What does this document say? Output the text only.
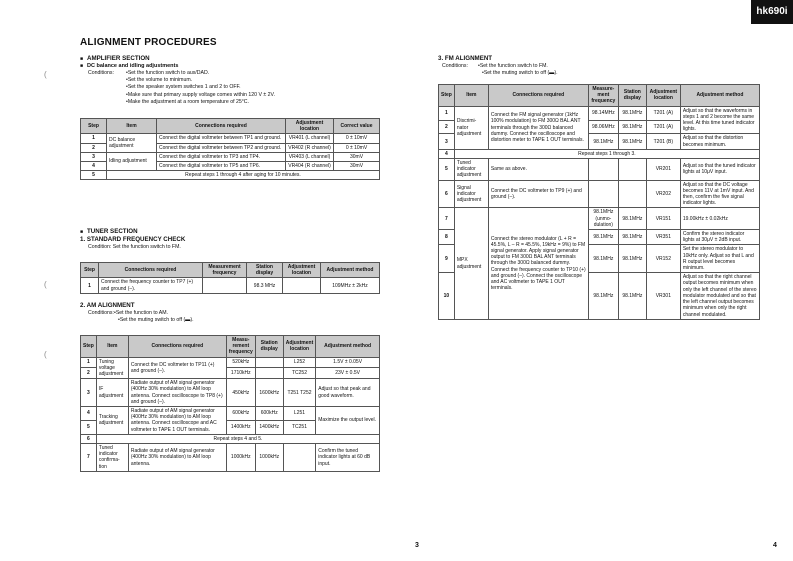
hk690i
ALIGNMENT PROCEDURES
(
(
(
■ AMPLIFIER SECTION
■ DC balance and idling adjustments
Conditions:	• Set the function switch to aux/DAD.
• Set the volume to minimum.
• Set the speaker system switches 1 and 2 to OFF.
• Make sure that primary supply voltage comes within 120 V ± 2V.
• Make the adjustment at a room temperature of 25°C.
Step	Item	Connections required	Adjustment location	Correct value
1	DC balance adjustment	Connect the digital voltmeter between TP1 and ground.	VR401 (L channel)	0 ± 10mV
2		Connect the digital voltmeter between TP2 and ground.	VR402 (R channel)	0 ± 10mV
3	Idling adjustment	Connect the digital voltmeter to TP3 and TP4.	VR403 (L channel)	30mV
4		Connect the digital voltmeter to TP5 and TP6.	VR404 (R channel)	30mV
5	Repeat steps 1 through 4 after aging for 10 minutes.			
■ TUNER SECTION
1. STANDARD FREQUENCY CHECK
Condition: Set the function switch to FM.
Step	Connections required	Measurement frequency	Station display	Adjustment location	Adjustment method
1	Connect the frequency counter to TP7 (+) and ground (–).		98.3 MHz		109MHz ± 2kHz
2. AM ALIGNMENT
Conditions: • Set the function to AM.
• Set the muting switch to off (▬).
Step	Item	Connections required	Measu-rement frequency	Station display	Adjustment location	Adjustment method
1	Tuning voltage adjustment	Connect the DC voltmeter to TP11 (+) and ground (–).	520kHz		L252	1.5V ± 0.05V
2			1710kHz		TC252	23V ± 0.5V
3	IF adjustment	Radiate output of AM signal generator (400Hz 30% modulation) to AM loop antenna. Connect oscilloscope to TP8 (+) and ground (–).	450kHz	1600kHz	T251 T252	Adjust so that peak and good waveform.
4	Tracking adjustment	Radiate output of AM signal generator (400Hz 30% modulation) to AM loop antenna. Connect oscilloscope and AC voltmeter to TAPE 1 OUT terminals.	600kHz	600kHz	L251	Maximize the output level.
5			1400kHz	1400kHz	TC251	
6	Repeat steps 4 and 5.					
7	Tuned indicator confirma-tion	Radiate output of AM signal generator (400Hz 30% modulation) to AM loop antenna.	1000kHz	1000kHz		Confirm the tuned indicator lights at 60 dB input.
3. FM ALIGNMENT
Conditions:	• Set the function switch to FM.
• Set the muting switch to off (▬).
Step	Item	Connections required	Measure-ment frequency	Station display	Adjustment location	Adjustment method
1	Discrimi-nator adjustment	Connect the FM signal generator (1kHz 100% modulation) to FM 300Ω BAL ANT terminals through the 300Ω balanced dummy. Connect the oscilloscope and distortion meter to TAPE 1 OUT terminals.	98.14MHz	98.1MHz	T201 (A)	Adjust so that the waveforms in steps 1 and 2 become the same level. At this time tuned indicator lights.
2			98.06MHz	98.1MHz	T201 (A)	
3			98.1MHz	98.1MHz	T201 (B)	Adjust so that the distortion becomes minimum.
4	Repeat steps 1 through 3.					
5	Tuned indicator adjustment	Same as above.			VR201	Adjust so that the tuned indicator lights at 10μV input.
6	Signal indicator adjustment	Connect the DC voltmeter to TP9 (+) and ground (–).			VR202	Adjust so that the DC voltage becomes 11V at 1mV input. And then, confirm the five signal indicator lights.
7	MPX adjustment	Connect the stereo modulator (L + R = 45.5%, L – R = 45.5%, 19kHz = 9%) to FM signal generator. Apply signal generator output to FM 300Ω BAL ANT terminals through the 300Ω balanced dummy. Connect the frequency counter to TP10 (+) and ground (–). Connect the oscilloscope and AC voltmeter to TAPE 1 OUT terminals.	98.1MHz (unmo-dulation)	98.1MHz	VR151	19.00kHz ± 0.02kHz
8			98.1MHz	98.1MHz	VR351	Confirm the stereo indicator lights at 30μV ± 2dB input.
9			98.1MHz	98.1MHz	VR152	Set the stereo modulator to 10kHz only. Adjust so that L and R output level becomes minimum.
10			98.1MHz	98.1MHz	VR301	Adjust so that the right channel output becomes minimum when only the left channel of the stereo modulator modulated and so that the left channel output becomes minimum when only the right channel modulated.
3	4
